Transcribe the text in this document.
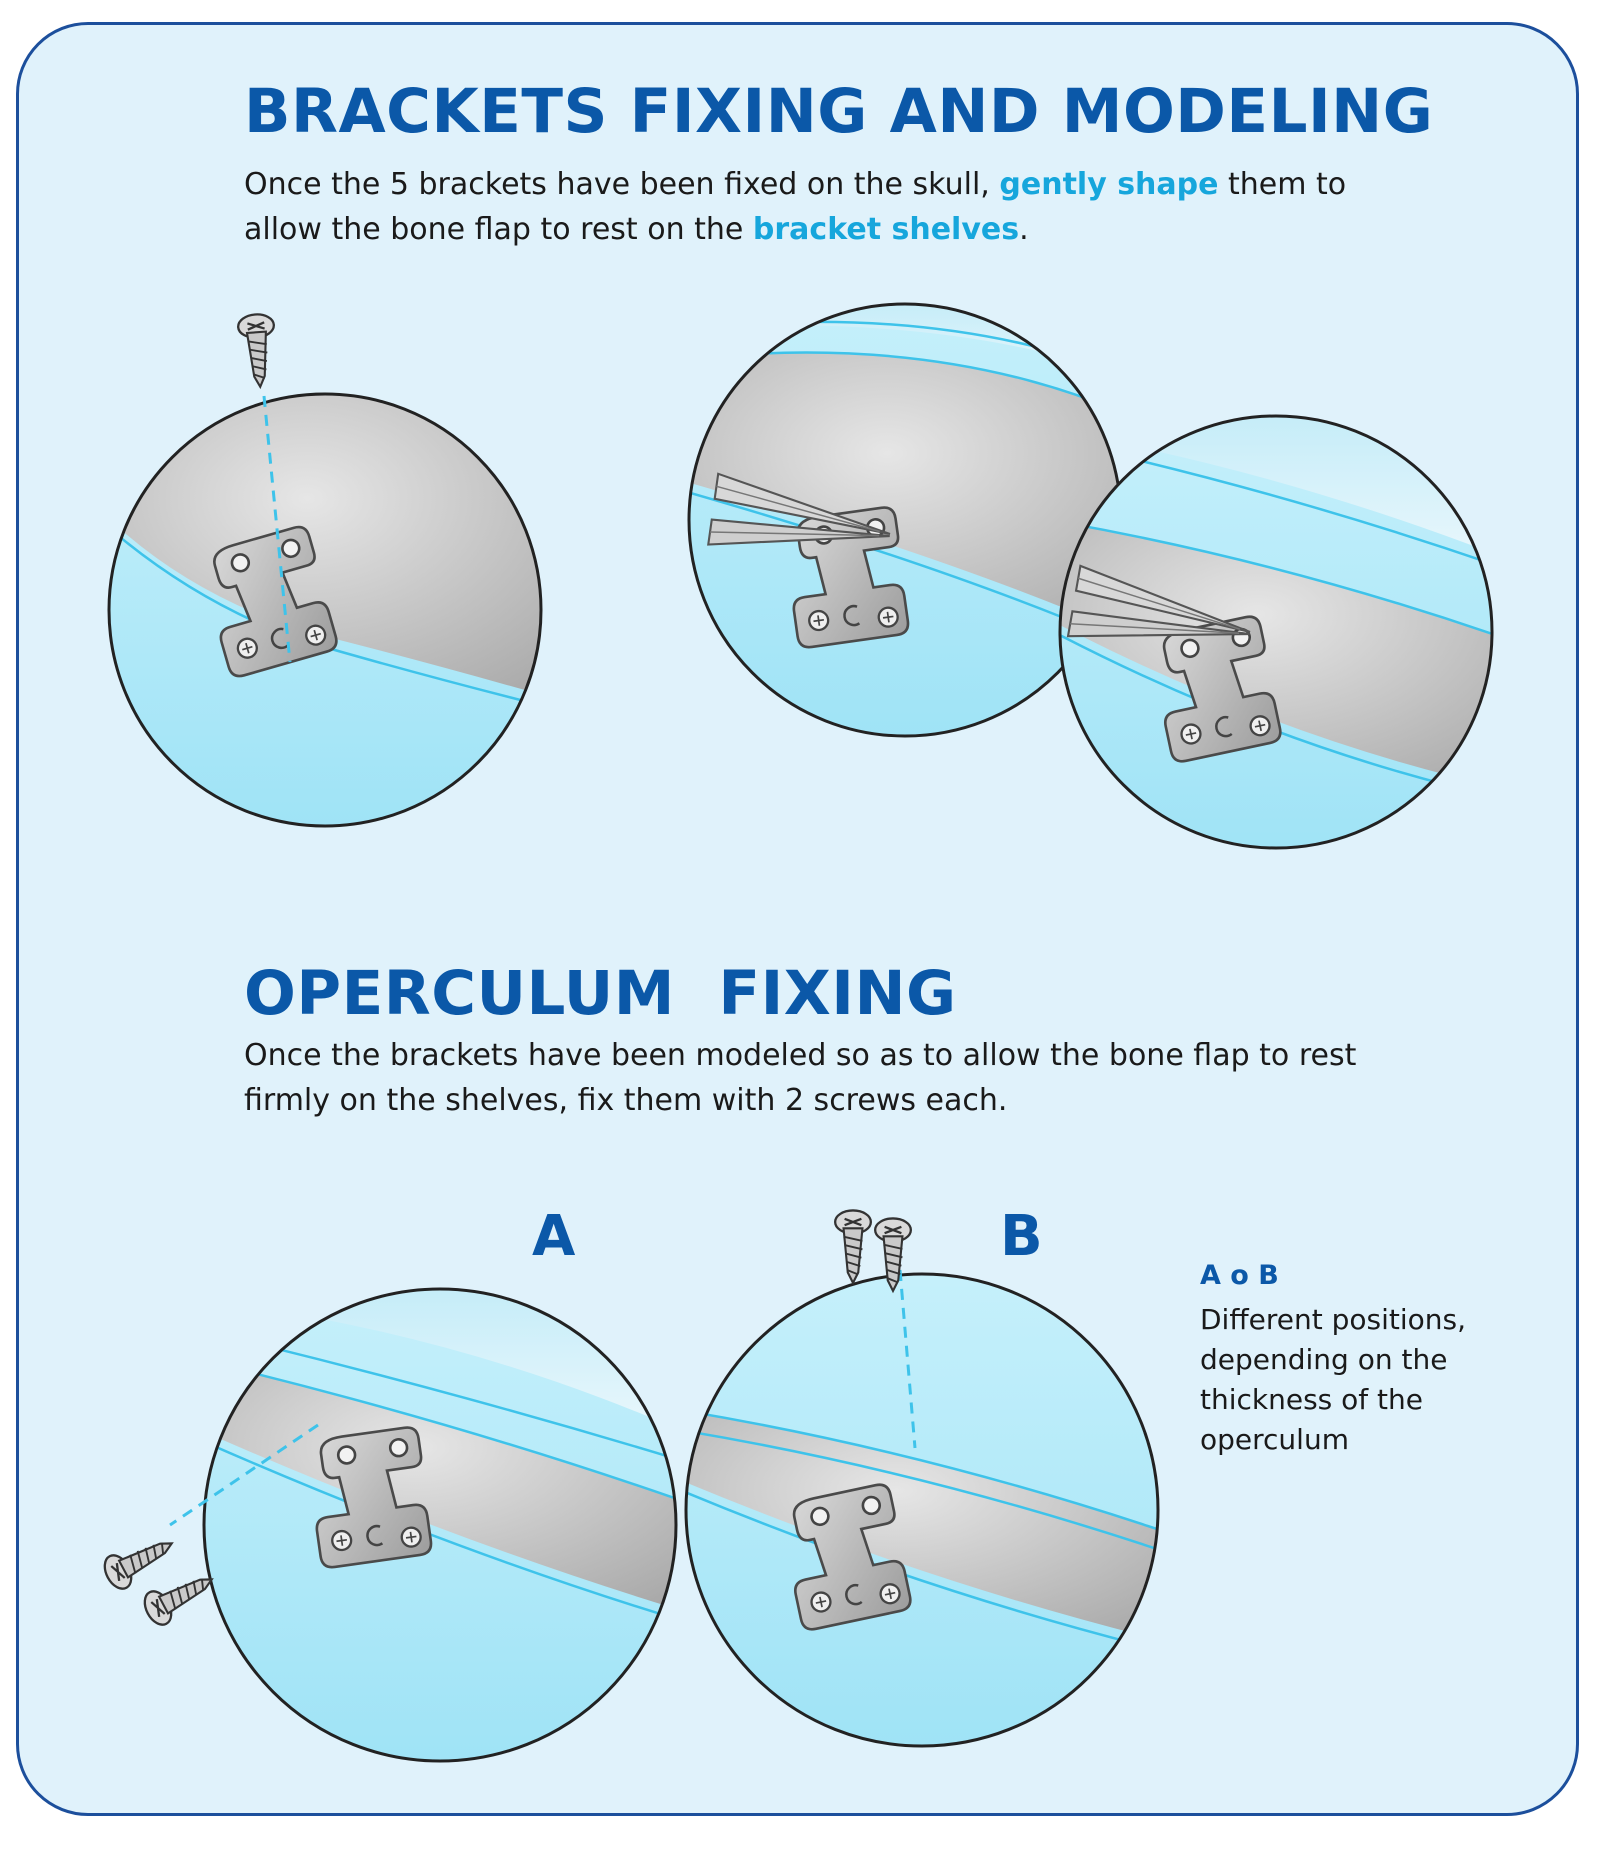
BRACKETS FIXING AND MODELING

Once the 5 brackets have been fixed on the skull, gently shape them to

allow the bone flap to rest on the bracket shelves.

OPERCULUM  FIXING

Once the brackets have been modeled so as to allow the bone flap to rest

firmly on the shelves, fix them with 2 screws each.

A	B

A o B

Different positions,
depending on the
thickness of the
operculum
